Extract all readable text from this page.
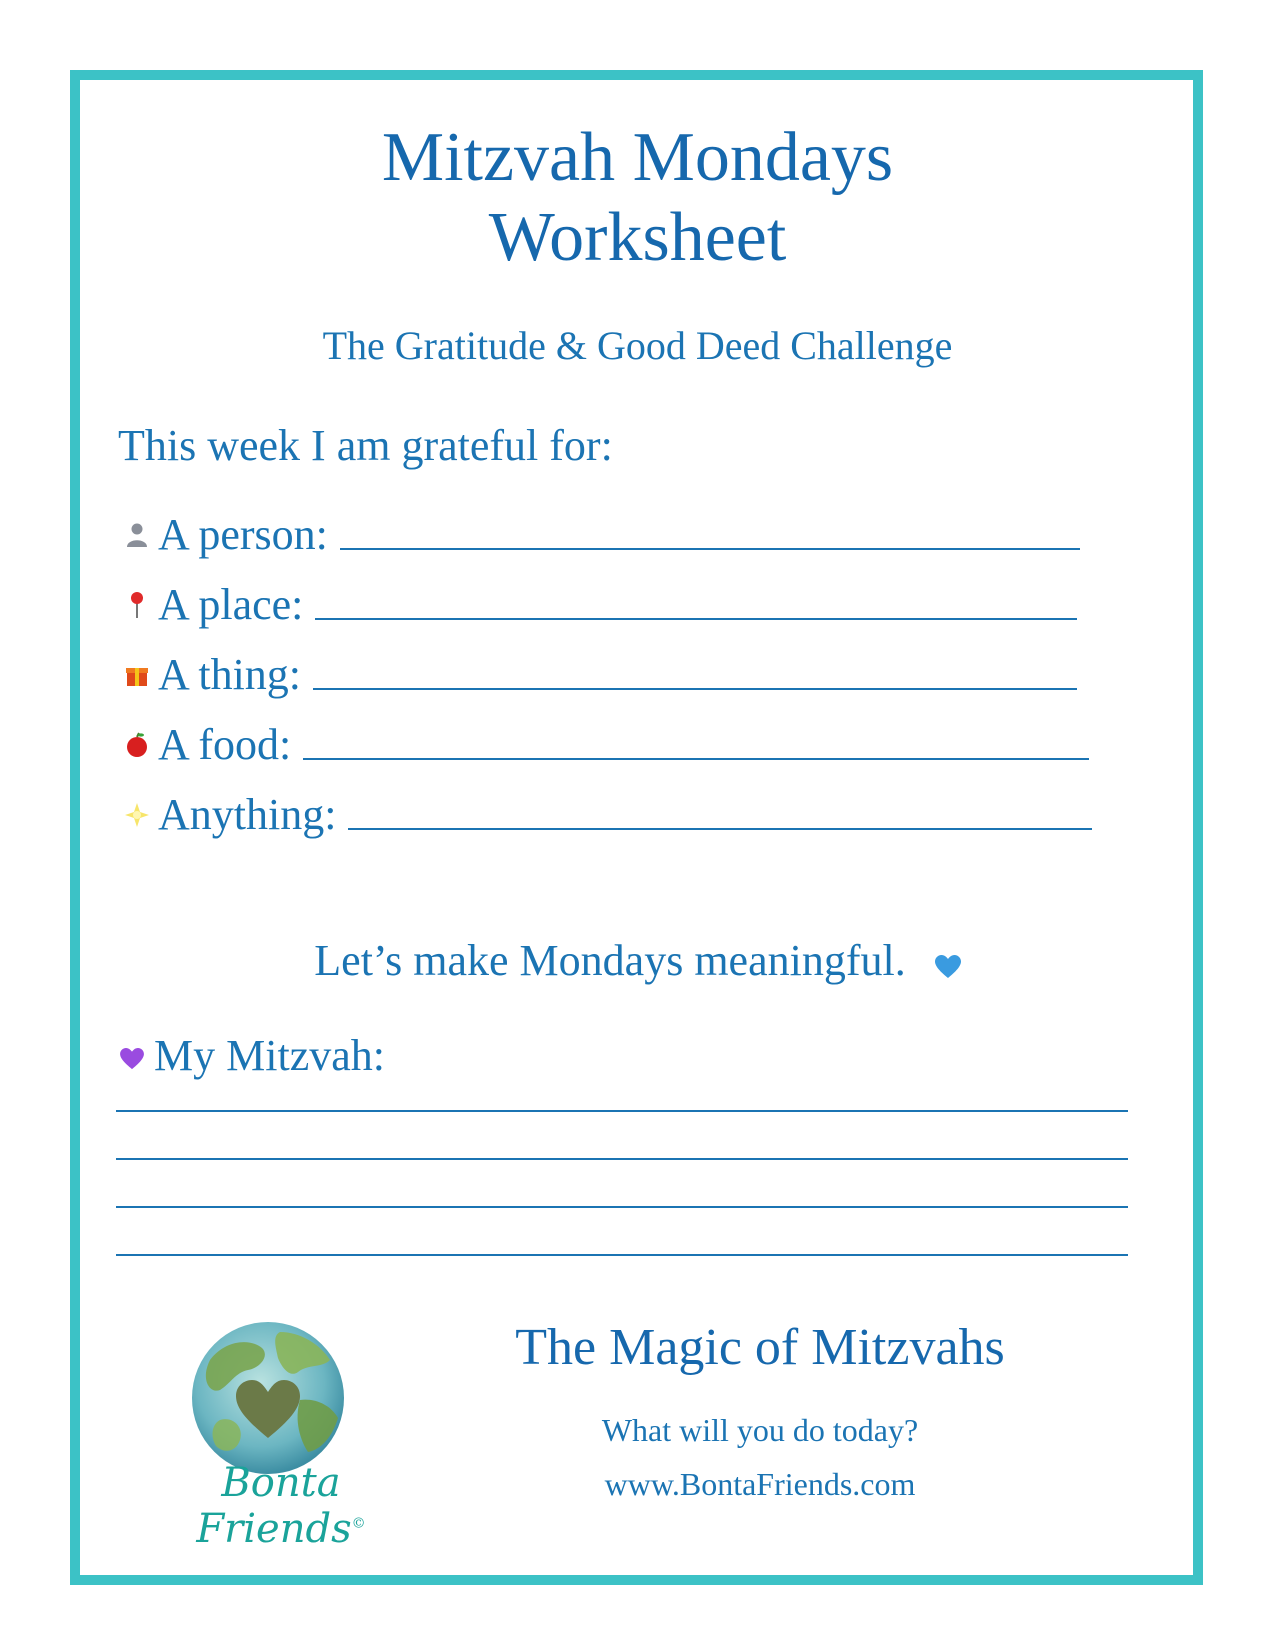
Mitzvah Mondays
Worksheet
The Gratitude & Good Deed Challenge
This week I am grateful for:
A person:
A place:
A thing:
A food:
Anything:
Let’s make Mondays meaningful.
My Mitzvah:
Bonta Friends©
The Magic of Mitzvahs
What will you do today?
www.BontaFriends.com
